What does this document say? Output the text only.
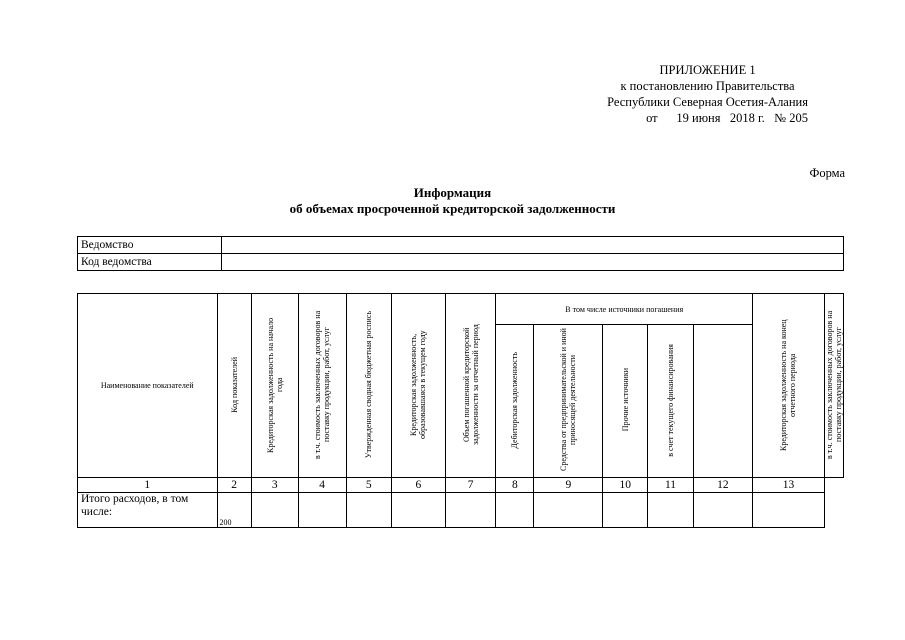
ПРИЛОЖЕНИЕ 1
к постановлению Правительства
Республики Северная Осетия-Алания
от      19 июня   2018 г.   № 205
Форма
Информация
об объемах просроченной кредиторской задолженности
Ведомство	
Код ведомства	
Наименование показателей	Код показателей	Кредиторская задолженность на начало года	в т.ч. стоимость заключенных договоров на поставку продукции, работ, услуг	Утвержденная сводная бюджетная роспись	Кредиторская задолженность, образовавшаяся в текущем году	Объем погашенной кредиторской задолженности за отчетный период	В том числе источники погашения					Кредиторская задолженность на конец отчетного периода	в т.ч. стоимость заключенных договоров на поставку продукции, работ, услуг
							Дебиторская задолженность	Средства от предпринимательской и иной приносящей деятельности	Прочие источники	в счет текущего финансирования			
1	2	3	4	5	6	7	8	9	10	11	12	13	
Итого расходов, в том числе:	200												
